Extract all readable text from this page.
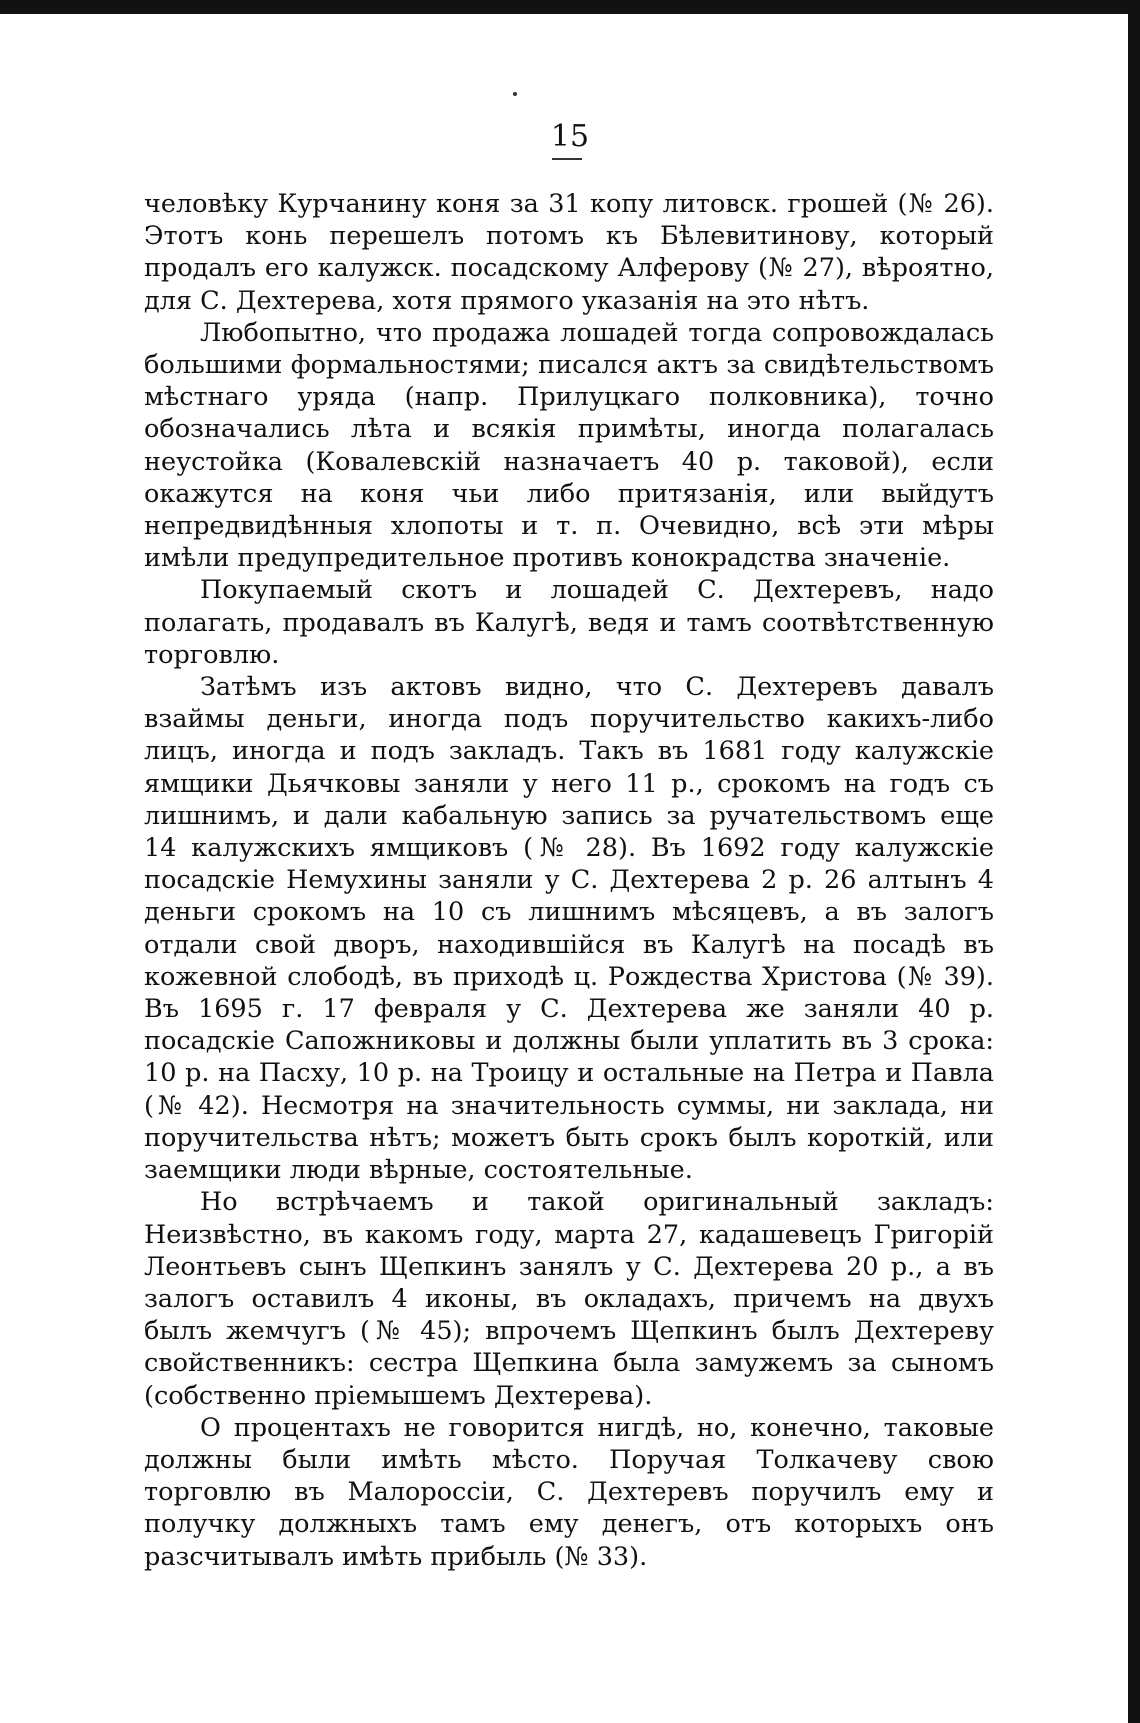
15

человѣку Курчанину коня за 31 копу литовск. грошей (№ 26). Этотъ конь перешелъ потомъ къ Бѣлевитинову, который продалъ его калужск. посадскому Алферову (№ 27), вѣроятно, для С. Дехтерева, хотя прямого указанія на это нѣтъ.

Любопытно, что продажа лошадей тогда сопровождалась большими формальностями; писался актъ за свидѣтельствомъ мѣстнаго уряда (напр. Прилуцкаго полковника), точно обозначались лѣта и всякія примѣты, иногда полагалась неустойка (Ковалевскій назначаетъ 40 р. таковой), если окажутся на коня чьи либо притязанія, или выйдутъ непредвидѣнныя хлопоты и т. п. Очевидно, всѣ эти мѣры имѣли предупредительное противъ конокрадства значеніе.

Покупаемый скотъ и лошадей С. Дехтеревъ, надо полагать, продавалъ въ Калугѣ, ведя и тамъ соотвѣтственную торговлю.

Затѣмъ изъ актовъ видно, что С. Дехтеревъ давалъ взаймы деньги, иногда подъ поручительство какихъ-либо лицъ, иногда и подъ закладъ. Такъ въ 1681 году калужскіе ямщики Дьячковы заняли у него 11 р., срокомъ на годъ съ лишнимъ, и дали кабальную запись за ручательствомъ еще 14 калужскихъ ямщиковъ (№ 28). Въ 1692 году калужскіе посадскіе Немухины заняли у С. Дехтерева 2 р. 26 алтынъ 4 деньги срокомъ на 10 съ лишнимъ мѣсяцевъ, а въ залогъ отдали свой дворъ, находившійся въ Калугѣ на посадѣ въ кожевной слободѣ, въ приходѣ ц. Рождества Христова (№ 39). Въ 1695 г. 17 февраля у С. Дехтерева же заняли 40 р. посадскіе Сапожниковы и должны были уплатить въ 3 срока: 10 р. на Пасху, 10 р. на Троицу и остальные на Петра и Павла (№ 42). Несмотря на значительность суммы, ни заклада, ни поручительства нѣтъ; можетъ быть срокъ былъ короткій, или заемщики люди вѣрные, состоятельные.

Но встрѣчаемъ и такой оригинальный закладъ: Неизвѣстно, въ какомъ году, марта 27, кадашевецъ Григорій Леонтьевъ сынъ Щепкинъ занялъ у С. Дехтерева 20 р., а въ залогъ оставилъ 4 иконы, въ окладахъ, причемъ на двухъ былъ жемчугъ (№ 45); впрочемъ Щепкинъ былъ Дехтереву свойственникъ: сестра Щепкина была замужемъ за сыномъ (собственно пріемышемъ Дехтерева).

О процентахъ не говорится нигдѣ, но, конечно, таковые должны были имѣть мѣсто. Поручая Толкачеву свою торговлю въ Малороссіи, С. Дехтеревъ поручилъ ему и получку должныхъ тамъ ему денегъ, отъ которыхъ онъ разсчитывалъ имѣть прибыль (№ 33).
